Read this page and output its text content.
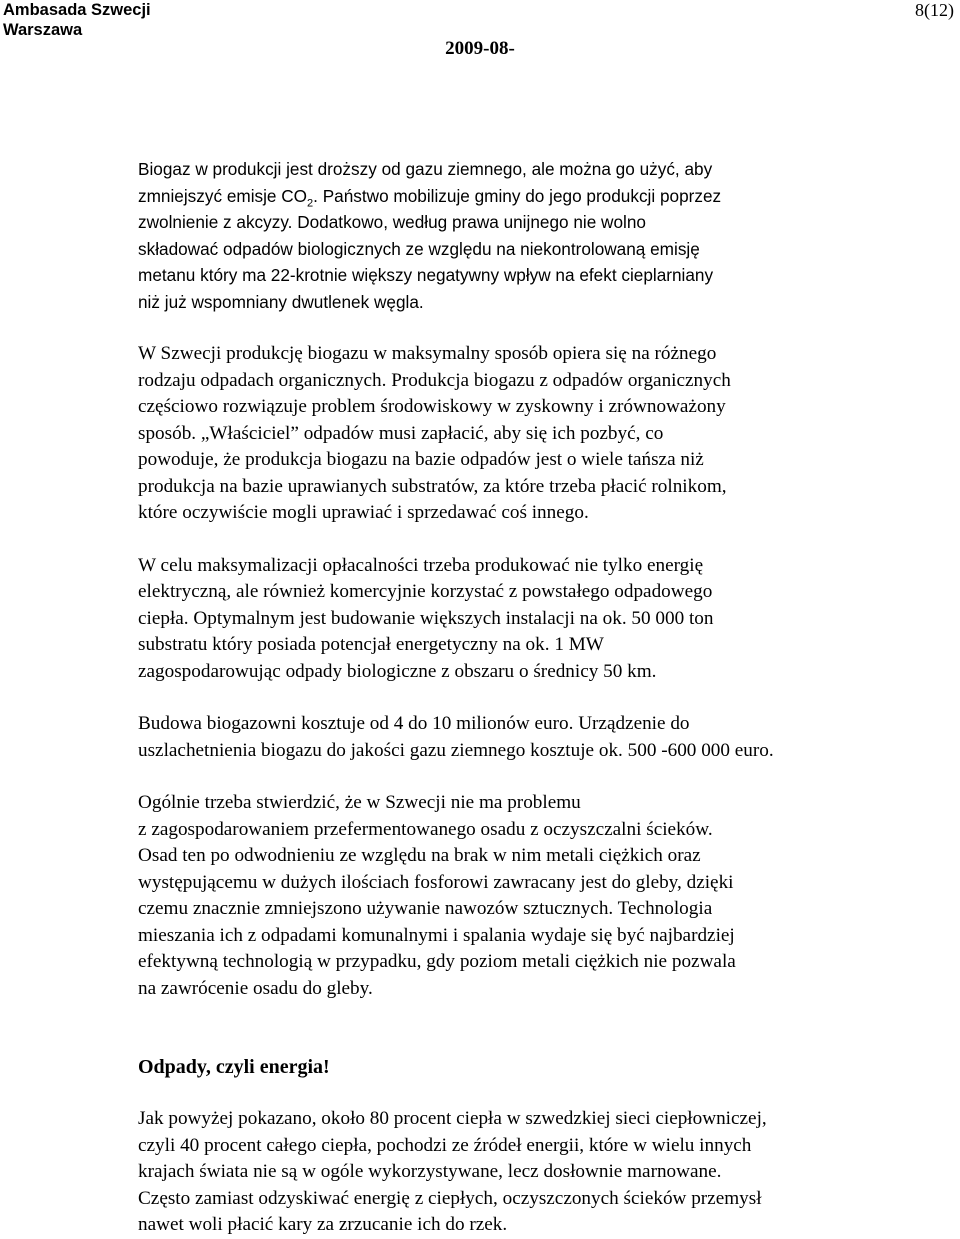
Ambasada Szwecji
Warszawa
8(12)
2009-08-

Biogaz w produkcji jest droższy od gazu ziemnego, ale można go użyć, aby
zmniejszyć emisje $CO_2$. Państwo mobilizuje gminy do jego produkcji poprzez
zwolnienie z akcyzy. Dodatkowo, według prawa unijnego nie wolno
składować odpadów biologicznych ze względu na niekontrolowaną emisję
metanu który ma 22-krotnie większy negatywny wpływ na efekt cieplarniany
niż już wspomniany dwutlenek węgla.

W Szwecji produkcję biogazu w maksymalny sposób opiera się na różnego
rodzaju odpadach organicznych. Produkcja biogazu z odpadów organicznych
częściowo rozwiązuje problem środowiskowy w zyskowny i zrównoważony
sposób. „Właściciel” odpadów musi zapłacić, aby się ich pozbyć, co
powoduje, że produkcja biogazu na bazie odpadów jest o wiele tańsza niż
produkcja na bazie uprawianych substratów, za które trzeba płacić rolnikom,
które oczywiście mogli uprawiać i sprzedawać coś innego.

W celu maksymalizacji opłacalności trzeba produkować nie tylko energię
elektryczną, ale również komercyjnie korzystać z powstałego odpadowego
ciepła. Optymalnym jest budowanie większych instalacji na ok. 50 000 ton
substratu który posiada potencjał energetyczny na ok. 1 MW
zagospodarowując odpady biologiczne z obszaru o średnicy 50 km.

Budowa biogazowni kosztuje od 4 do 10 milionów euro. Urządzenie do
uszlachetnienia biogazu do jakości gazu ziemnego kosztuje ok. 500 -600 000 euro.

Ogólnie trzeba stwierdzić, że w Szwecji nie ma problemu
z zagospodarowaniem przefermentowanego osadu z oczyszczalni ścieków.
Osad ten po odwodnieniu ze względu na brak w nim metali ciężkich oraz
występującemu w dużych ilościach fosforowi zawracany jest do gleby, dzięki
czemu znacznie zmniejszono używanie nawozów sztucznych. Technologia
mieszania ich z odpadami komunalnymi i spalania wydaje się być najbardziej
efektywną technologią w przypadku, gdy poziom metali ciężkich nie pozwala
na zawrócenie osadu do gleby.

Odpady, czyli energia!

Jak powyżej pokazano, około 80 procent ciepła w szwedzkiej sieci ciepłowniczej,
czyli 40 procent całego ciepła, pochodzi ze źródeł energii, które w wielu innych
krajach świata nie są w ogóle wykorzystywane, lecz dosłownie marnowane.
Często zamiast odzyskiwać energię z ciepłych, oczyszczonych ścieków przemysł
nawet woli płacić kary za zrzucanie ich do rzek.
